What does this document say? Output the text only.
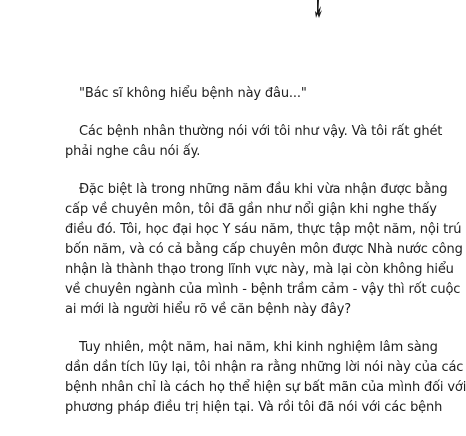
"Bác sĩ không hiểu bệnh này đâu..."

Các bệnh nhân thường nói với tôi như vậy. Và tôi rất ghét
phải nghe câu nói ấy.

Đặc biệt là trong những năm đầu khi vừa nhận được bằng
cấp về chuyên môn, tôi đã gần như nổi giận khi nghe thấy
điều đó. Tôi, học đại học Y sáu năm, thực tập một năm, nội trú
bốn năm, và có cả bằng cấp chuyên môn được Nhà nước công
nhận là thành thạo trong lĩnh vực này, mà lại còn không hiểu
về chuyên ngành của mình - bệnh trầm cảm - vậy thì rốt cuộc
ai mới là người hiểu rõ về căn bệnh này đây?

Tuy nhiên, một năm, hai năm, khi kinh nghiệm lâm sàng
dần dần tích lũy lại, tôi nhận ra rằng những lời nói này của các
bệnh nhân chỉ là cách họ thể hiện sự bất mãn của mình đối với
phương pháp điều trị hiện tại. Và rồi tôi đã nói với các bệnh
